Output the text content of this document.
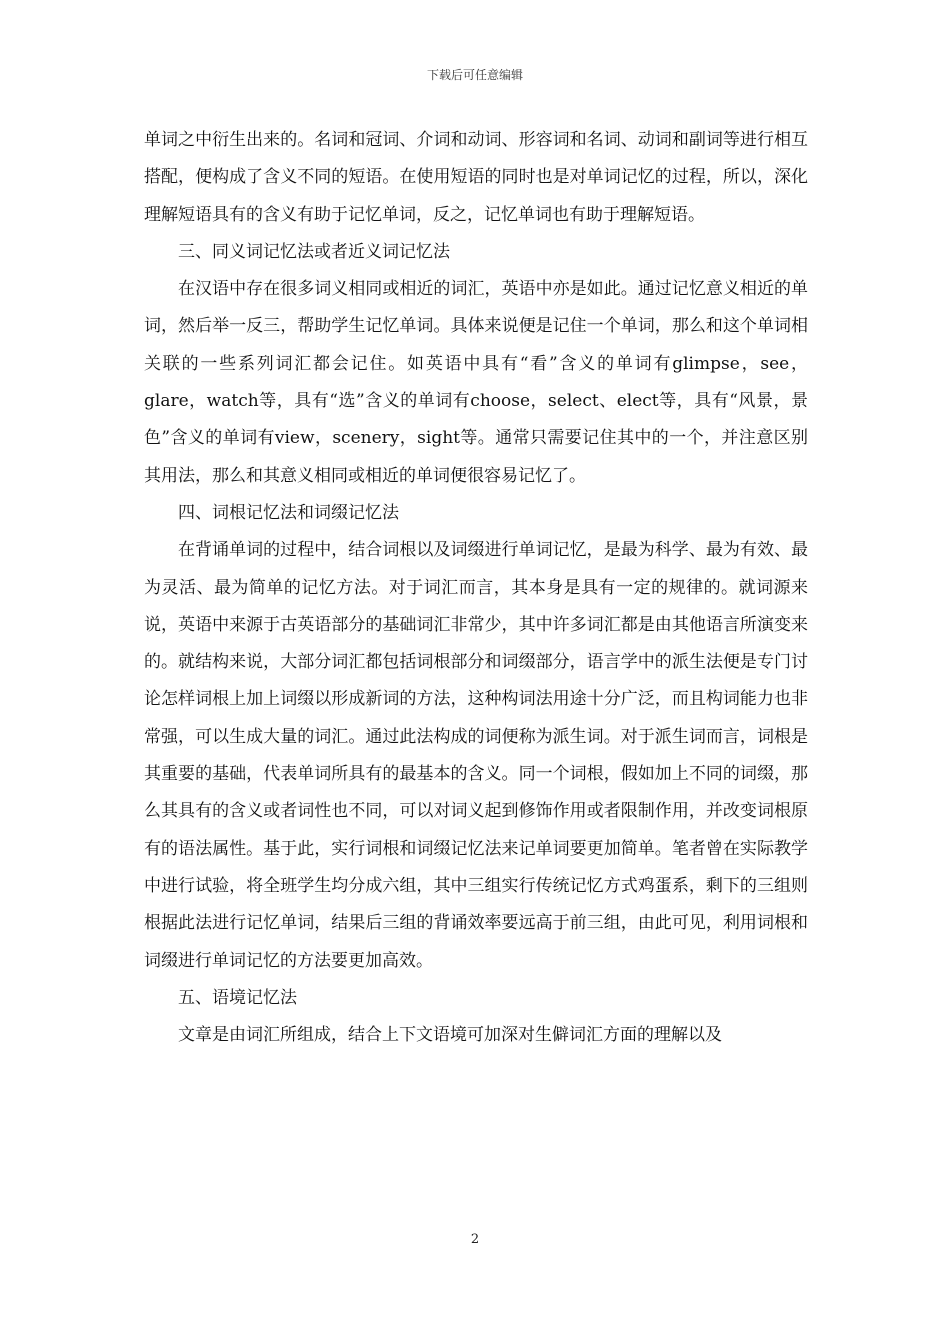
下载后可任意编辑

单词之中衍生出来的。名词和冠词、介词和动词、形容词和名词、动词和副词等进行相互搭配，便构成了含义不同的短语。在使用短语的同时也是对单词记忆的过程，所以，深化理解短语具有的含义有助于记忆单词，反之，记忆单词也有助于理解短语。

三、同义词记忆法或者近义词记忆法

在汉语中存在很多词义相同或相近的词汇，英语中亦是如此。通过记忆意义相近的单词，然后举一反三，帮助学生记忆单词。具体来说便是记住一个单词，那么和这个单词相关联的一些系列词汇都会记住。如英语中具有“看”含义的单词有glimpse，see，glare，watch等，具有“选”含义的单词有choose，select、elect等，具有“风景，景色”含义的单词有view，scenery，sight等。通常只需要记住其中的一个，并注意区别其用法，那么和其意义相同或相近的单词便很容易记忆了。

四、词根记忆法和词缀记忆法

在背诵单词的过程中，结合词根以及词缀进行单词记忆，是最为科学、最为有效、最为灵活、最为简单的记忆方法。对于词汇而言，其本身是具有一定的规律的。就词源来说，英语中来源于古英语部分的基础词汇非常少，其中许多词汇都是由其他语言所演变来的。就结构来说，大部分词汇都包括词根部分和词缀部分，语言学中的派生法便是专门讨论怎样词根上加上词缀以形成新词的方法，这种构词法用途十分广泛，而且构词能力也非常强，可以生成大量的词汇。通过此法构成的词便称为派生词。对于派生词而言，词根是其重要的基础，代表单词所具有的最基本的含义。同一个词根，假如加上不同的词缀，那么其具有的含义或者词性也不同，可以对词义起到修饰作用或者限制作用，并改变词根原有的语法属性。基于此，实行词根和词缀记忆法来记单词要更加简单。笔者曾在实际教学中进行试验，将全班学生均分成六组，其中三组实行传统记忆方式鸡蛋系，剩下的三组则根据此法进行记忆单词，结果后三组的背诵效率要远高于前三组，由此可见，利用词根和词缀进行单词记忆的方法要更加高效。

五、语境记忆法

文章是由词汇所组成，结合上下文语境可加深对生僻词汇方面的理解以及

2
